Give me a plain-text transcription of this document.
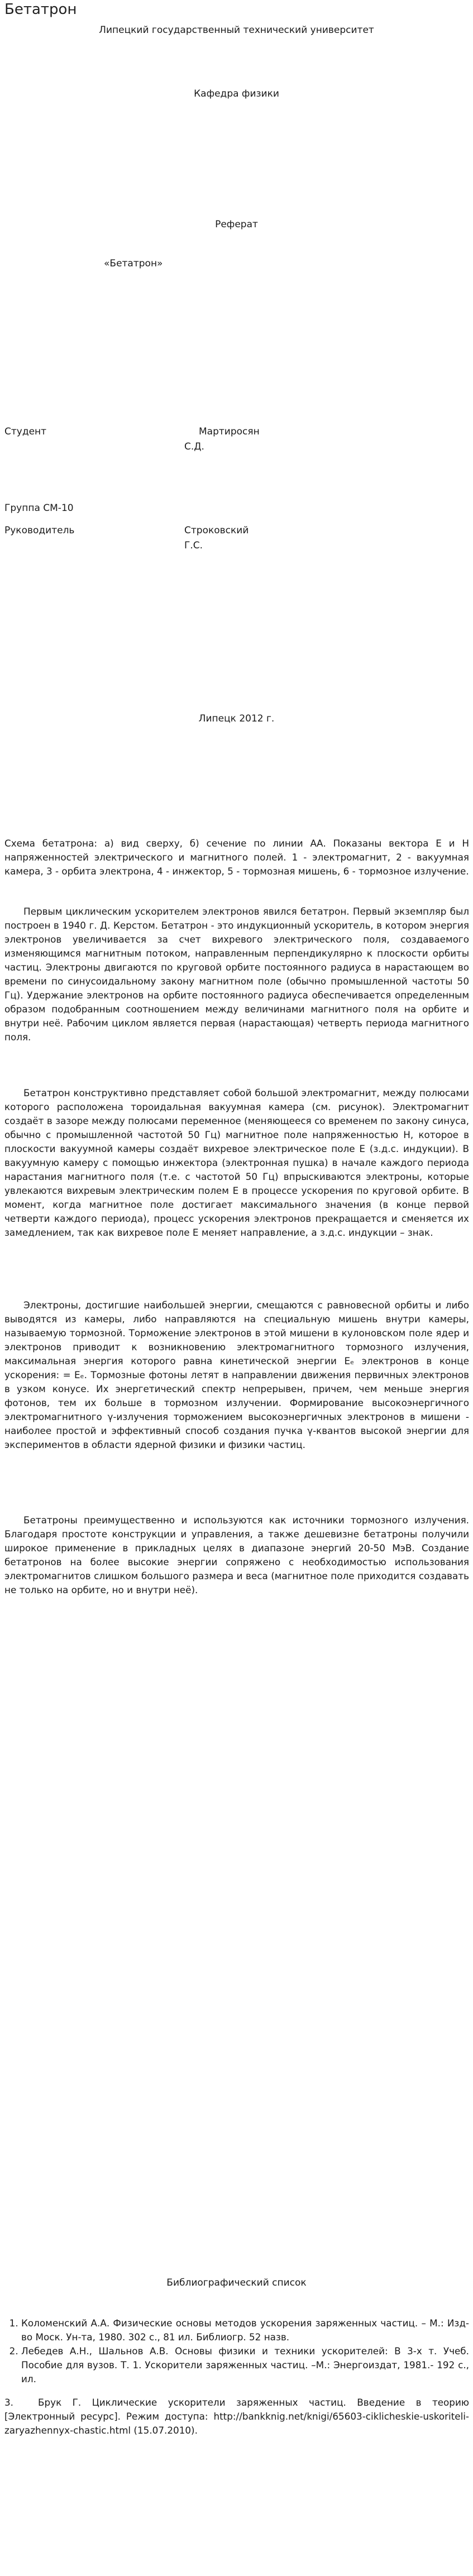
Бетатрон
Липецкий государственный технический университет
Кафедра физики
Реферат
«Бетатрон»
Студент	Мартиросян
С.Д.
Группа СМ-10
Руководитель	Строковский
Г.С.
Липецк 2012 г.

Схема бетатрона: а) вид сверху, б) сечение по линии АА. Показаны вектора E и H напряженностей электрического и магнитного полей. 1 - электромагнит, 2 - вакуумная камера, 3 - орбита электрона, 4 - инжектор, 5 - тормозная мишень, 6 - тормозное излучение.

Первым циклическим ускорителем электронов явился бетатрон. Первый экземпляр был построен в 1940 г. Д. Керстом. Бетатрон - это индукционный ускоритель, в котором энергия электронов увеличивается за счет вихревого электрического поля, создаваемого изменяющимся магнитным потоком, направленным перпендикулярно к плоскости орбиты частиц. Электроны двигаются по круговой орбите постоянного радиуса в нарастающем во времени по синусоидальному закону магнитном поле (обычно промышленной частоты 50 Гц). Удержание электронов на орбите постоянного радиуса обеспечивается определенным образом подобранным соотношением между величинами магнитного поля на орбите и внутри неё. Рабочим циклом является первая (нарастающая) четверть периода магнитного поля.

Бетатрон конструктивно представляет собой большой электромагнит, между полюсами которого расположена тороидальная вакуумная камера (см. рисунок). Электромагнит создаёт в зазоре между полюсами переменное (меняющееся со временем по закону синуса, обычно с промышленной частотой 50 Гц) магнитное поле напряженностью H, которое в плоскости вакуумной камеры создаёт вихревое электрическое поле E (з.д.с. индукции). В вакуумную камеру с помощью инжектора (электронная пушка) в начале каждого периода нарастания магнитного поля (т.е. с частотой 50 Гц) впрыскиваются электроны, которые увлекаются вихревым электрическим полем E в процессе ускорения по круговой орбите. В момент, когда магнитное поле достигает максимального значения (в конце первой четверти каждого периода), процесс ускорения электронов прекращается и сменяется их замедлением, так как вихревое поле E меняет направление, а з.д.с. индукции – знак.

Электроны, достигшие наибольшей энергии, смещаются с равновесной орбиты и либо выводятся из камеры, либо направляются на специальную мишень внутри камеры, называемую тормозной. Торможение электронов в этой мишени в кулоновском поле ядер и электронов приводит к возникновению электромагнитного тормозного излучения, максимальная энергия которого равна кинетической энергии Eₑ электронов в конце ускорения: = Eₑ. Тормозные фотоны летят в направлении движения первичных электронов в узком конусе. Их энергетический спектр непрерывен, причем, чем меньше энергия фотонов, тем их больше в тормозном излучении. Формирование высокоэнергичного электромагнитного γ-излучения торможением высокоэнергичных электронов в мишени - наиболее простой и эффективный способ создания пучка γ-квантов высокой энергии для экспериментов в области ядерной физики и физики частиц.

Бетатроны преимущественно и используются как источники тормозного излучения. Благодаря простоте конструкции и управления, а также дешевизне бетатроны получили широкое применение в прикладных целях в диапазоне энергий 20-50 МэВ. Создание бетатронов на более высокие энергии сопряжено с необходимостью использования электромагнитов слишком большого размера и веса (магнитное поле приходится создавать не только на орбите, но и внутри неё).

Библиографический список
1. Коломенский А.А. Физические основы методов ускорения заряженных частиц. – М.: Изд-во Моск. Ун-та, 1980. 302 с., 81 ил. Библиогр. 52 назв.
2. Лебедев А.Н., Шальнов А.В. Основы физики и техники ускорителей: В 3-х т. Учеб. Пособие для вузов. Т. 1. Ускорители заряженных частиц. –М.: Энергоиздат, 1981.- 192 с., ил.

3.	Брук Г. Циклические ускорители заряженных частиц. Введение в теорию [Электронный ресурс]. Режим доступа: http://bankknig.net/knigi/65603-ciklicheskie-uskoriteli-zaryazhennyx-chastic.html (15.07.2010).
